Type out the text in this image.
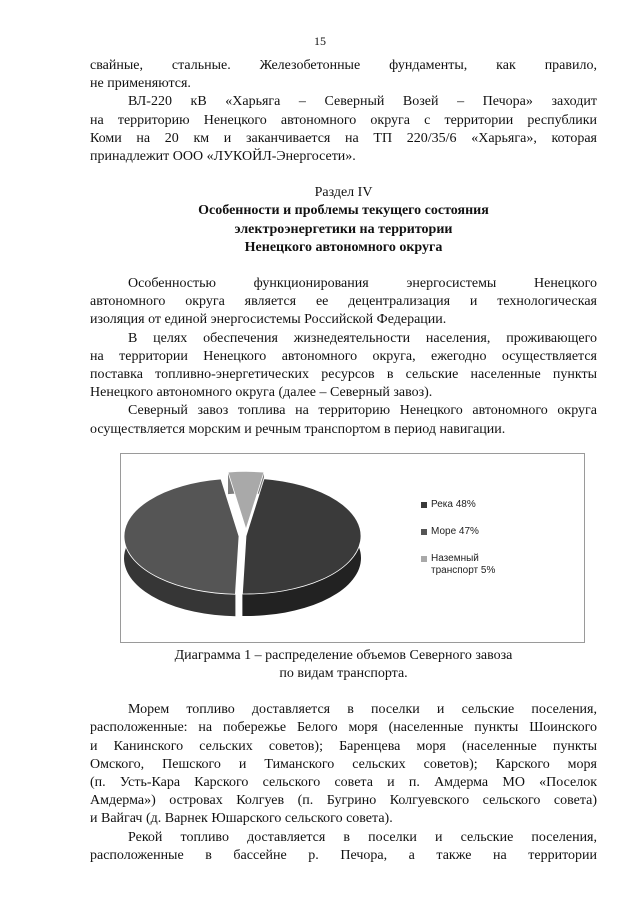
15

свайные, стальные. Железобетонные фундаменты, как правило,

не применяются.

ВЛ-220 кВ «Харьяга – Северный Возей – Печора» заходит

на территорию Ненецкого автономного округа с территории республики

Коми на 20 км и заканчивается на ТП 220/35/6 «Харьяга», которая

принадлежит ООО «ЛУКОЙЛ-Энергосети».

Раздел IV

Особенности и проблемы текущего состояния

электроэнергетики на территории

Ненецкого автономного округа

Особенностью функционирования энергосистемы Ненецкого

автономного округа является ее децентрализация и технологическая

изоляция от единой энергосистемы Российской Федерации.

В целях обеспечения жизнедеятельности населения, проживающего

на территории Ненецкого автономного округа, ежегодно осуществляется

поставка топливно-энергетических ресурсов в сельские населенные пункты

Ненецкого автономного округа (далее – Северный завоз).

Северный завоз топлива на территорию Ненецкого автономного округа

осуществляется морским и речным транспортом в период навигации.

Река 48%
Море 47%
Наземный транспорт 5%

Диаграмма 1 – распределение объемов Северного завоза

по видам транспорта.

Морем топливо доставляется в поселки и сельские поселения,

расположенные: на побережье Белого моря (населенные пункты Шоинского

и Канинского сельских советов); Баренцева моря (населенные пункты

Омского, Пешского и Тиманского сельских советов); Карского моря

(п. Усть-Кара Карского сельского совета и п. Амдерма МО «Поселок

Амдерма») островах Колгуев (п. Бугрино Колгуевского сельского совета)

и Вайгач (д. Варнек Юшарского сельского совета).

Рекой топливо доставляется в поселки и сельские поселения,

расположенные в бассейне р. Печора, а также на территории
